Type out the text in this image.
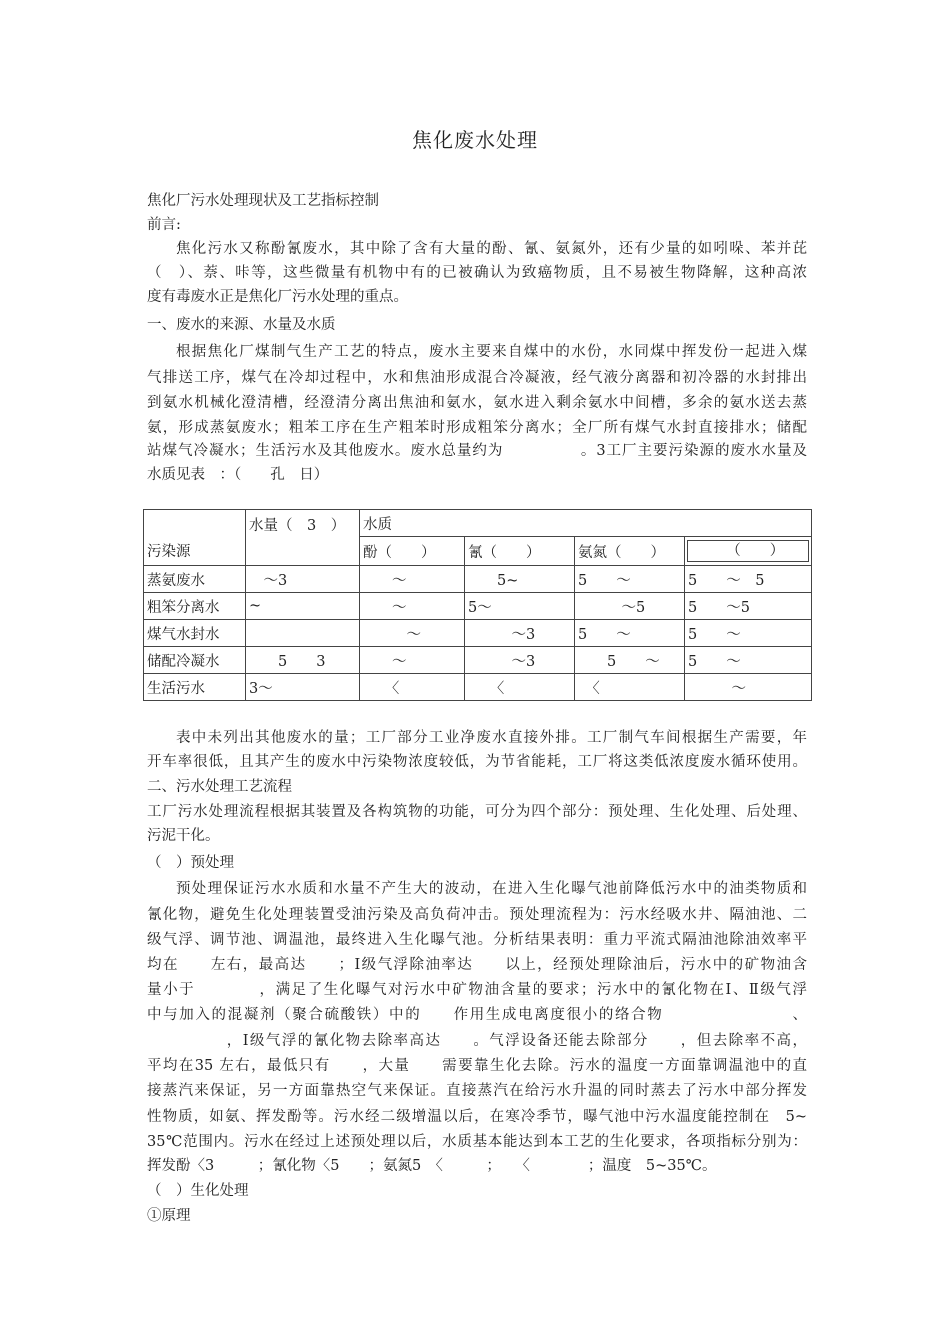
焦化废水处理
焦化厂污水处理现状及工艺指标控制
前言:
焦化污水又称酚氰废水，其中除了含有大量的酚、氰、氨氮外，还有少量的如吲哚、苯并芘
（　）、萘、咔等，这些微量有机物中有的已被确认为致癌物质，且不易被生物降解，这种高浓
度有毒废水正是焦化厂污水处理的重点。
一、废水的来源、水量及水质
根据焦化厂煤制气生产工艺的特点，废水主要来自煤中的水份，水同煤中挥发份一起进入煤
气排送工序，煤气在冷却过程中，水和焦油形成混合冷凝液，经气液分离器和初冷器的水封排出
到氨水机械化澄清槽，经澄清分离出焦油和氨水，氨水进入剩余氨水中间槽，多余的氨水送去蒸
氨，形成蒸氨废水；粗苯工序在生产粗苯时形成粗笨分离水；全厂所有煤气水封直接排水；储配
站煤气冷凝水；生活污水及其他废水。废水总量约为　　　　　。3工厂主要污染源的废水水量及
水质见表　：（　　孔　日）
污染源	水量（　3　）	水质			
		酚（　　）	氰（　　）	氨氮（　　）	　　　（　　）

蒸氨废水	　～3	　　～	　　5~	5　　～	5　　～　5
粗笨分离水	~	　　～	5～	　　　～5	5　　～5
煤气水封水		　　　～	　　　～3	5　　～	5　　～
储配冷凝水	　　5　　3	　　～	　　　～3	　　5　　～	5　　～
生活污水	3～	　　〈	　　〈	　〈	　　　～
表中未列出其他废水的量；工厂部分工业净废水直接外排。工厂制气车间根据生产需要，年
开车率很低，且其产生的废水中污染物浓度较低，为节省能耗，工厂将这类低浓度废水循环使用。
二、污水处理工艺流程
工厂污水处理流程根据其装置及各构筑物的功能，可分为四个部分：预处理、生化处理、后处理、
污泥干化。
（　）预处理
预处理保证污水水质和水量不产生大的波动，在进入生化曝气池前降低污水中的油类物质和
氰化物，避免生化处理装置受油污染及高负荷冲击。预处理流程为：污水经吸水井、隔油池、二
级气浮、调节池、调温池，最终进入生化曝气池。分析结果表明：重力平流式隔油池除油效率平
均在　　左右，最高达　　；Ⅰ级气浮除油率达　　以上，经预处理除油后，污水中的矿物油含
量小于　　　　，满足了生化曝气对污水中矿物油含量的要求；污水中的氰化物在Ⅰ、Ⅱ级气浮
中与加入的混凝剂（聚合硫酸铁）中的　　作用生成电离度很小的络合物　　　　　　　　、
　　　　　，Ⅰ级气浮的氰化物去除率高达　　。气浮设备还能去除部分　　，但去除率不高，
平均在35 左右，最低只有　　，大量　　需要靠生化去除。污水的温度一方面靠调温池中的直
接蒸汽来保证，另一方面靠热空气来保证。直接蒸汽在给污水升温的同时蒸去了污水中部分挥发
性物质，如氨、挥发酚等。污水经二级增温以后，在寒冷季节，曝气池中污水温度能控制在　5~
35℃范围内。污水在经过上述预处理以后，水质基本能达到本工艺的生化要求，各项指标分别为：
挥发酚〈3　　　；氰化物〈5　　；氨氮5　〈　　　；　　〈　　　　；温度　5~35℃。
（　）生化处理
①原理
